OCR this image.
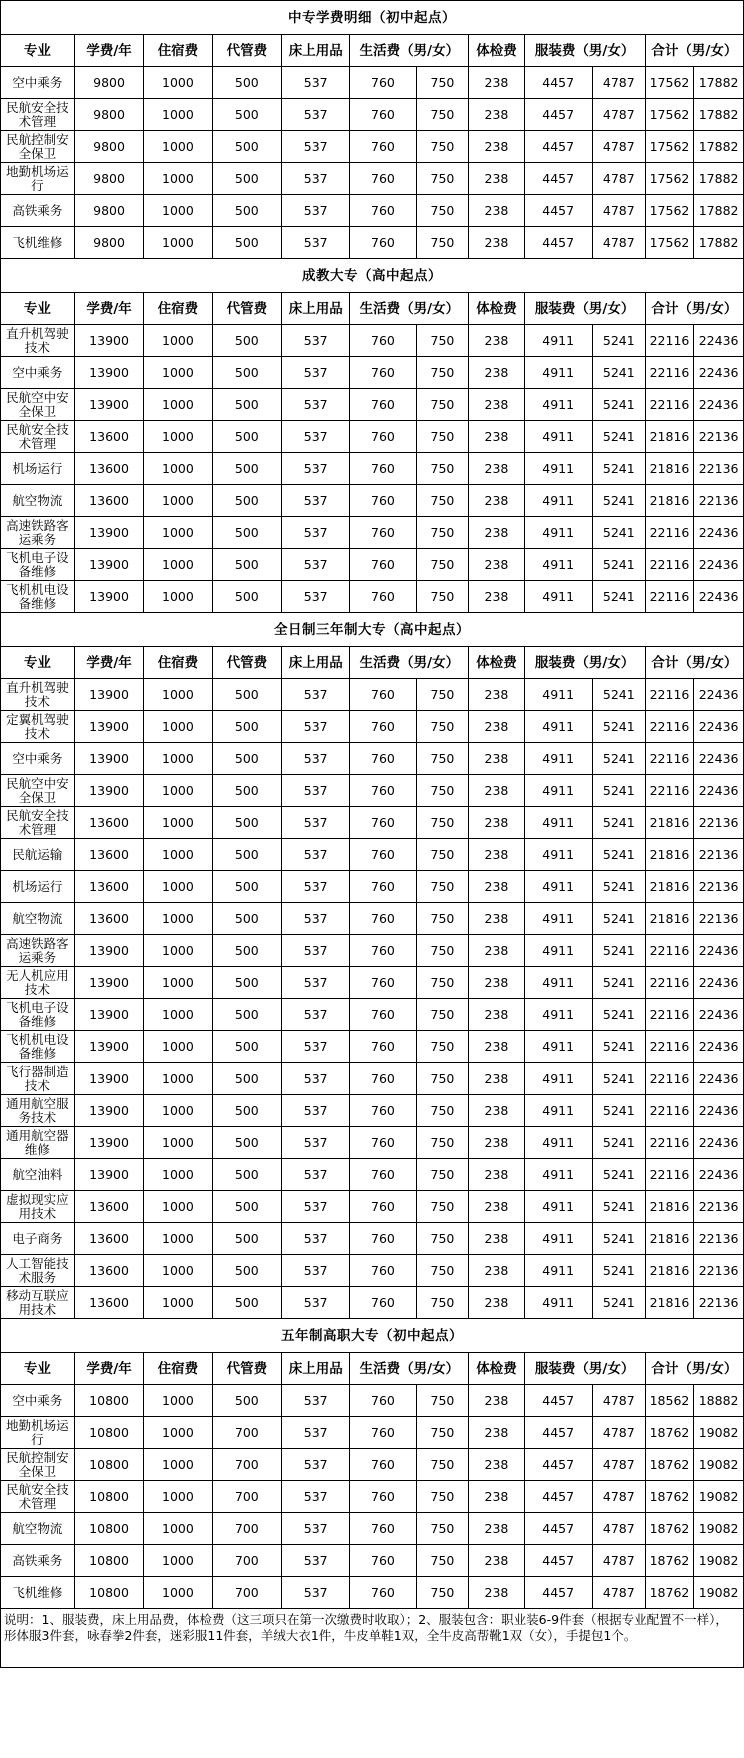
中专学费明细（初中起点）											
专业	学费/年	住宿费	代管费	床上用品	生活费（男/女）		体检费	服装费（男/女）		合计（男/女）	
空中乘务	9800	1000	500	537	760	750	238	4457	4787	17562	17882
民航安全技术管理	9800	1000	500	537	760	750	238	4457	4787	17562	17882
民航控制安全保卫	9800	1000	500	537	760	750	238	4457	4787	17562	17882
地勤机场运行	9800	1000	500	537	760	750	238	4457	4787	17562	17882
高铁乘务	9800	1000	500	537	760	750	238	4457	4787	17562	17882
飞机维修	9800	1000	500	537	760	750	238	4457	4787	17562	17882
成教大专（高中起点）											
专业	学费/年	住宿费	代管费	床上用品	生活费（男/女）		体检费	服装费（男/女）		合计（男/女）	
直升机驾驶技术	13900	1000	500	537	760	750	238	4911	5241	22116	22436
空中乘务	13900	1000	500	537	760	750	238	4911	5241	22116	22436
民航空中安全保卫	13900	1000	500	537	760	750	238	4911	5241	22116	22436
民航安全技术管理	13600	1000	500	537	760	750	238	4911	5241	21816	22136
机场运行	13600	1000	500	537	760	750	238	4911	5241	21816	22136
航空物流	13600	1000	500	537	760	750	238	4911	5241	21816	22136
高速铁路客运乘务	13900	1000	500	537	760	750	238	4911	5241	22116	22436
飞机电子设备维修	13900	1000	500	537	760	750	238	4911	5241	22116	22436
飞机机电设备维修	13900	1000	500	537	760	750	238	4911	5241	22116	22436
全日制三年制大专（高中起点）											
专业	学费/年	住宿费	代管费	床上用品	生活费（男/女）		体检费	服装费（男/女）		合计（男/女）	
直升机驾驶技术	13900	1000	500	537	760	750	238	4911	5241	22116	22436
定翼机驾驶技术	13900	1000	500	537	760	750	238	4911	5241	22116	22436
空中乘务	13900	1000	500	537	760	750	238	4911	5241	22116	22436
民航空中安全保卫	13900	1000	500	537	760	750	238	4911	5241	22116	22436
民航安全技术管理	13600	1000	500	537	760	750	238	4911	5241	21816	22136
民航运输	13600	1000	500	537	760	750	238	4911	5241	21816	22136
机场运行	13600	1000	500	537	760	750	238	4911	5241	21816	22136
航空物流	13600	1000	500	537	760	750	238	4911	5241	21816	22136
高速铁路客运乘务	13900	1000	500	537	760	750	238	4911	5241	22116	22436
无人机应用技术	13900	1000	500	537	760	750	238	4911	5241	22116	22436
飞机电子设备维修	13900	1000	500	537	760	750	238	4911	5241	22116	22436
飞机机电设备维修	13900	1000	500	537	760	750	238	4911	5241	22116	22436
飞行器制造技术	13900	1000	500	537	760	750	238	4911	5241	22116	22436
通用航空服务技术	13900	1000	500	537	760	750	238	4911	5241	22116	22436
通用航空器维修	13900	1000	500	537	760	750	238	4911	5241	22116	22436
航空油料	13900	1000	500	537	760	750	238	4911	5241	22116	22436
虚拟现实应用技术	13600	1000	500	537	760	750	238	4911	5241	21816	22136
电子商务	13600	1000	500	537	760	750	238	4911	5241	21816	22136
人工智能技术服务	13600	1000	500	537	760	750	238	4911	5241	21816	22136
移动互联应用技术	13600	1000	500	537	760	750	238	4911	5241	21816	22136
五年制高职大专（初中起点）											
专业	学费/年	住宿费	代管费	床上用品	生活费（男/女）		体检费	服装费（男/女）		合计（男/女）	
空中乘务	10800	1000	500	537	760	750	238	4457	4787	18562	18882
地勤机场运行	10800	1000	700	537	760	750	238	4457	4787	18762	19082
民航控制安全保卫	10800	1000	700	537	760	750	238	4457	4787	18762	19082
民航安全技术管理	10800	1000	700	537	760	750	238	4457	4787	18762	19082
航空物流	10800	1000	700	537	760	750	238	4457	4787	18762	19082
高铁乘务	10800	1000	700	537	760	750	238	4457	4787	18762	19082
飞机维修	10800	1000	700	537	760	750	238	4457	4787	18762	19082
说明：1、服装费，床上用品费，体检费（这三项只在第一次缴费时收取）；2、服装包含：职业装6-9件套（根据专业配置不一样），形体服3件套，咏春拳2件套，迷彩服11件套，羊绒大衣1件，牛皮单鞋1双，全牛皮高帮靴1双（女），手提包1个。											
